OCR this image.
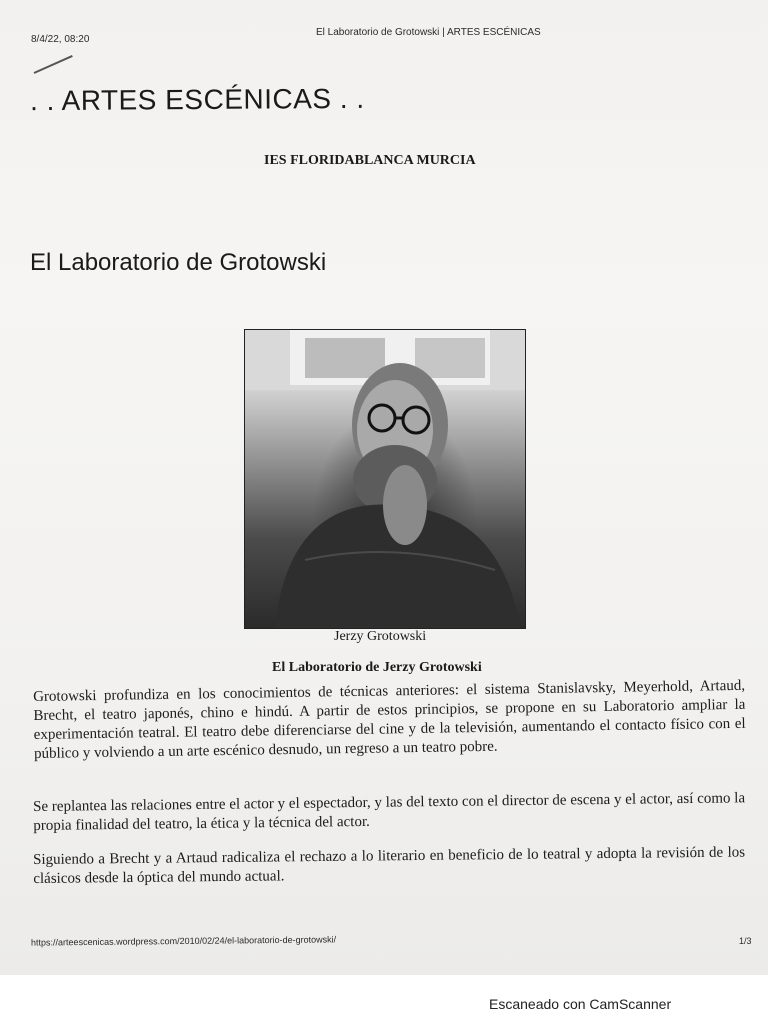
8/4/22, 08:20
El Laboratorio de Grotowski | ARTES ESCÉNICAS
. . ARTES ESCÉNICAS . .
IES FLORIDABLANCA MURCIA
El Laboratorio de Grotowski
Jerzy Grotowski
El Laboratorio de Jerzy Grotowski

Grotowski profundiza en los conocimientos de técnicas anteriores: el sistema Stanislavsky, Meyerhold, Artaud, Brecht, el teatro japonés, chino e hindú. A partir de estos principios, se propone en su Laboratorio ampliar la experimentación teatral. El teatro debe diferenciarse del cine y de la televisión, aumentando el contacto físico con el público y volviendo a un arte escénico desnudo, un regreso a un teatro pobre.

Se replantea las relaciones entre el actor y el espectador, y las del texto con el director de escena y el actor, así como la propia finalidad del teatro, la ética y la técnica del actor.

Siguiendo a Brecht y a Artaud radicaliza el rechazo a lo literario en beneficio de lo teatral y adopta la revisión de los clásicos desde la óptica del mundo actual.

https://arteescenicas.wordpress.com/2010/02/24/el-laboratorio-de-grotowski/	1/3
Escaneado con CamScanner
